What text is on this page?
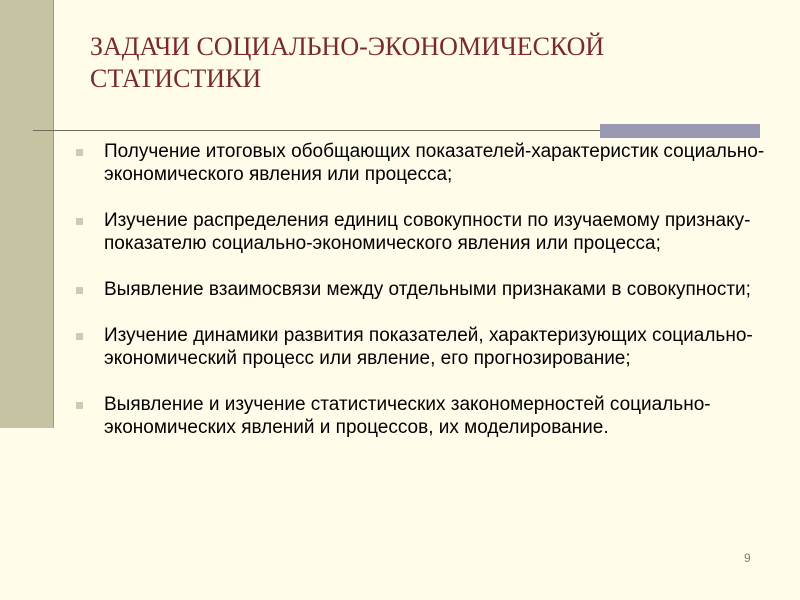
ЗАДАЧИ СОЦИАЛЬНО-ЭКОНОМИЧЕСКОЙ СТАТИСТИКИ
Получение итоговых обобщающих показателей-характеристик социально-экономического явления или процесса;
Изучение распределения единиц совокупности по изучаемому признаку-показателю социально-экономического явления или процесса;
Выявление взаимосвязи между отдельными признаками в совокупности;
Изучение динамики развития показателей, характеризующих социально-экономический процесс или явление, его прогнозирование;
Выявление и изучение статистических закономерностей социально-экономических явлений и процессов, их моделирование.
9
